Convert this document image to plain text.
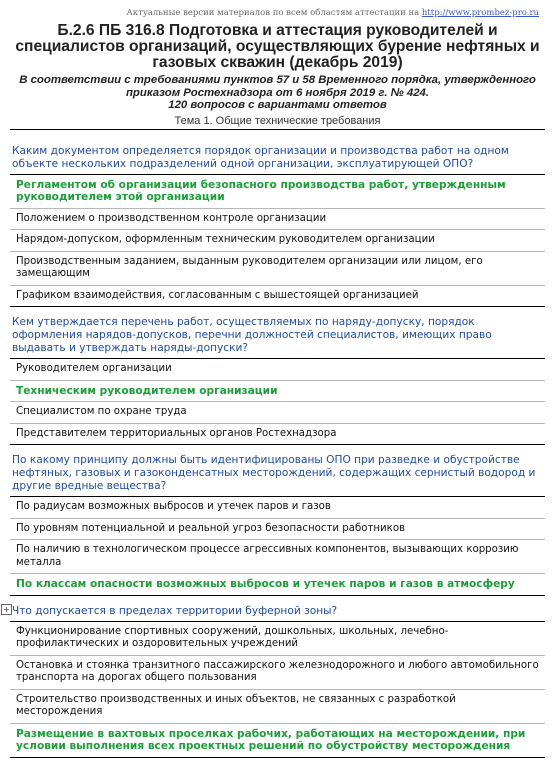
Актуальные версии материалов по всем областям аттестации на http://www.prombez-pro.ru
Б.2.6 ПБ 316.8 Подготовка и аттестация руководителей и специалистов организаций, осуществляющих бурение нефтяных и газовых скважин (декабрь 2019)
В соответствии с требованиями пунктов 57 и 58 Временного порядка, утвержденного приказом Ростехнадзора от 6 ноября 2019 г. № 424.
120 вопросов с вариантами ответов
Тема 1. Общие технические требования
Каким документом определяется порядок организации и производства работ на одном объекте нескольких подразделений одной организации, эксплуатирующей ОПО?
Регламентом об организации безопасного производства работ, утвержденным руководителем этой организации
Положением о производственном контроле организации
Нарядом-допуском, оформленным техническим руководителем организации
Производственным заданием, выданным руководителем организации или лицом, его замещающим
Графиком взаимодействия, согласованным с вышестоящей организацией
Кем утверждается перечень работ, осуществляемых по наряду-допуску, порядок оформления нарядов-допусков, перечни должностей специалистов, имеющих право выдавать и утверждать наряды-допуски?
Руководителем организации
Техническим руководителем организации
Специалистом по охране труда
Представителем территориальных органов Ростехнадзора
По какому принципу должны быть идентифицированы ОПО при разведке и обустройстве нефтяных, газовых и газоконденсатных месторождений, содержащих сернистый водород и другие вредные вещества?
По радиусам возможных выбросов и утечек паров и газов
По уровням потенциальной и реальной угроз безопасности работников
По наличию в технологическом процессе агрессивных компонентов, вызывающих коррозию металла
По классам опасности возможных выбросов и утечек паров и газов в атмосферу
+ Что допускается в пределах территории буферной зоны?
Функционирование спортивных сооружений, дошкольных, школьных, лечебно-профилактических и оздоровительных учреждений
Остановка и стоянка транзитного пассажирского железнодорожного и любого автомобильного транспорта на дорогах общего пользования
Строительство производственных и иных объектов, не связанных с разработкой месторождения
Размещение в вахтовых проселках рабочих, работающих на месторождении, при условии выполнения всех проектных решений по обустройству месторождения
